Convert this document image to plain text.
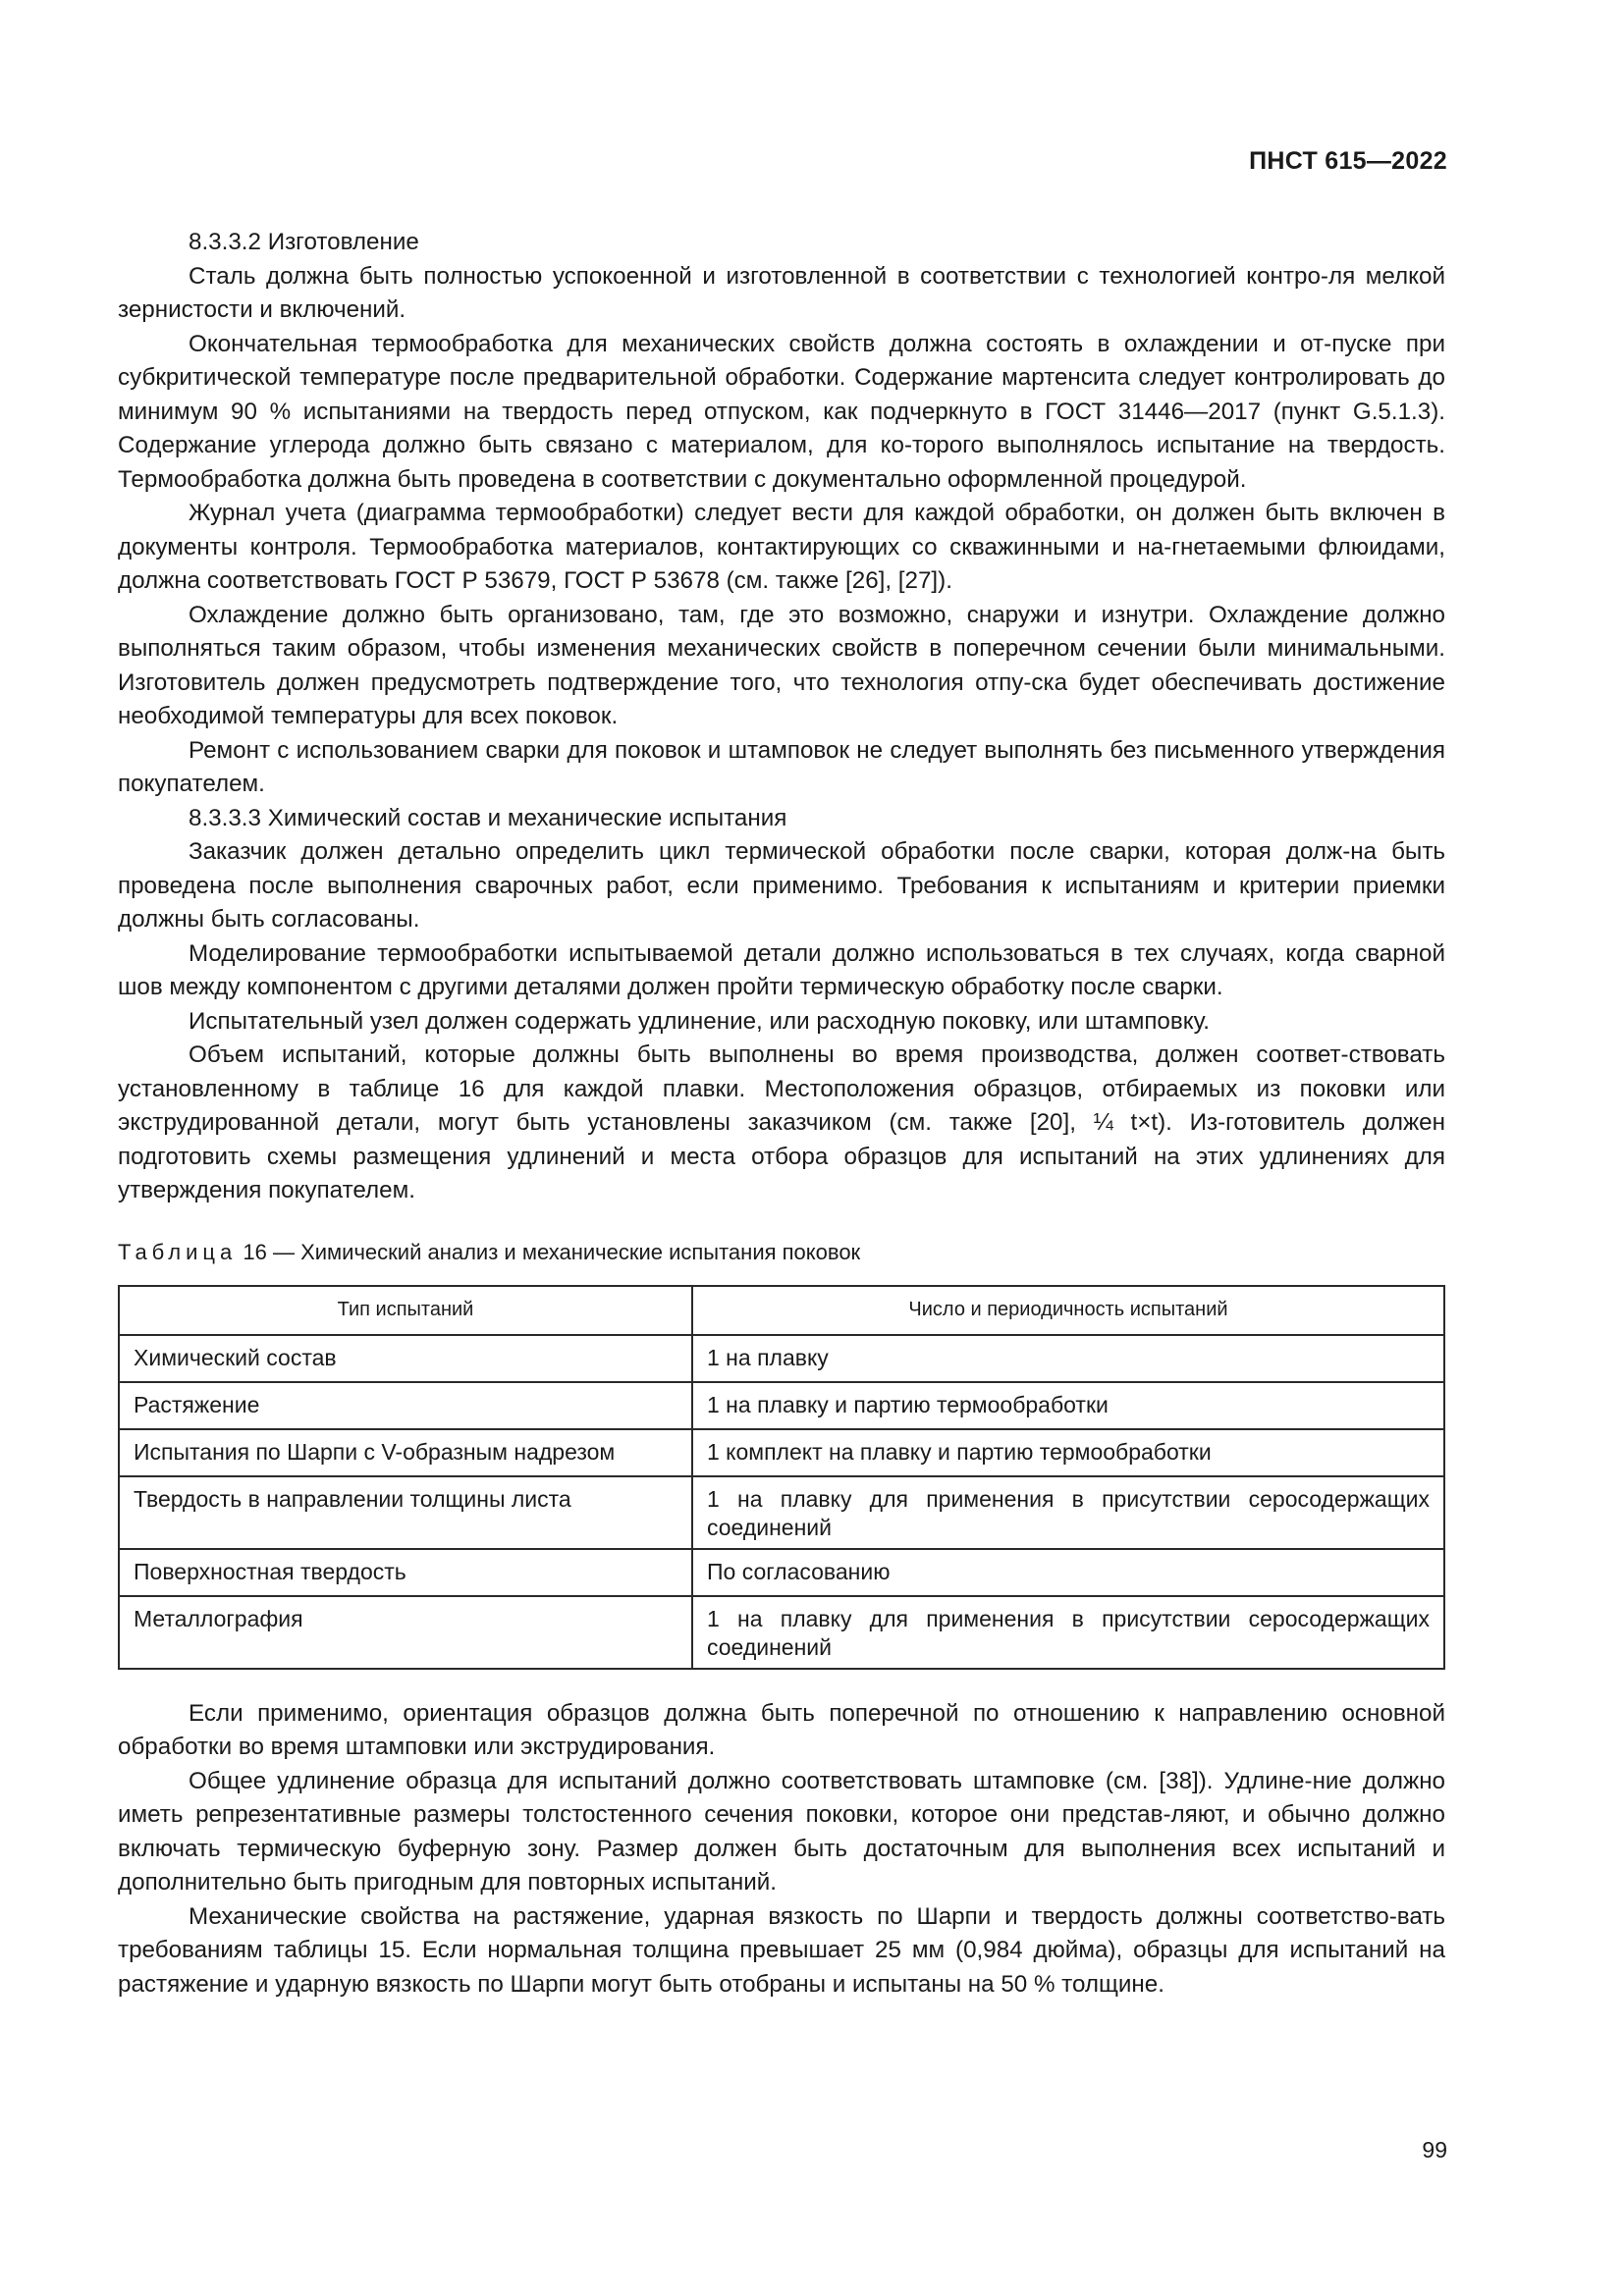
ПНСТ 615—2022

8.3.3.2 Изготовление

Сталь должна быть полностью успокоенной и изготовленной в соответствии с технологией контро-ля мелкой зернистости и включений.

Окончательная термообработка для механических свойств должна состоять в охлаждении и от-пуске при субкритической температуре после предварительной обработки. Содержание мартенсита следует контролировать до минимум 90 % испытаниями на твердость перед отпуском, как подчеркнуто в ГОСТ 31446—2017 (пункт G.5.1.3). Содержание углерода должно быть связано с материалом, для ко-торого выполнялось испытание на твердость. Термообработка должна быть проведена в соответствии с документально оформленной процедурой.

Журнал учета (диаграмма термообработки) следует вести для каждой обработки, он должен быть включен в документы контроля. Термообработка материалов, контактирующих со скважинными и на-гнетаемыми флюидами, должна соответствовать ГОСТ Р 53679, ГОСТ Р 53678 (см. также [26], [27]).

Охлаждение должно быть организовано, там, где это возможно, снаружи и изнутри. Охлаждение должно выполняться таким образом, чтобы изменения механических свойств в поперечном сечении были минимальными. Изготовитель должен предусмотреть подтверждение того, что технология отпу-ска будет обеспечивать достижение необходимой температуры для всех поковок.

Ремонт с использованием сварки для поковок и штамповок не следует выполнять без письменного утверждения покупателем.

8.3.3.3 Химический состав и механические испытания

Заказчик должен детально определить цикл термической обработки после сварки, которая долж-на быть проведена после выполнения сварочных работ, если применимо. Требования к испытаниям и критерии приемки должны быть согласованы.

Моделирование термообработки испытываемой детали должно использоваться в тех случаях, когда сварной шов между компонентом с другими деталями должен пройти термическую обработку после сварки.

Испытательный узел должен содержать удлинение, или расходную поковку, или штамповку.

Объем испытаний, которые должны быть выполнены во время производства, должен соответ-ствовать установленному в таблице 16 для каждой плавки. Местоположения образцов, отбираемых из поковки или экструдированной детали, могут быть установлены заказчиком (см. также [20], ¼ t×t). Из-готовитель должен подготовить схемы размещения удлинений и места отбора образцов для испытаний на этих удлинениях для утверждения покупателем.

Таблица 16 — Химический анализ и механические испытания поковок
Тип испытаний	Число и периодичность испытаний
Химический состав	1 на плавку
Растяжение	1 на плавку и партию термообработки
Испытания по Шарпи с V-образным надрезом	1 комплект на плавку и партию термообработки
Твердость в направлении толщины листа	1 на плавку для применения в присутствии серосодержащих соединений
Поверхностная твердость	По согласованию
Металлография	1 на плавку для применения в присутствии серосодержащих соединений

Если применимо, ориентация образцов должна быть поперечной по отношению к направлению основной обработки во время штамповки или экструдирования.

Общее удлинение образца для испытаний должно соответствовать штамповке (см. [38]). Удлине-ние должно иметь репрезентативные размеры толстостенного сечения поковки, которое они представ-ляют, и обычно должно включать термическую буферную зону. Размер должен быть достаточным для выполнения всех испытаний и дополнительно быть пригодным для повторных испытаний.

Механические свойства на растяжение, ударная вязкость по Шарпи и твердость должны соответство-вать требованиям таблицы 15. Если нормальная толщина превышает 25 мм (0,984 дюйма), образцы для испытаний на растяжение и ударную вязкость по Шарпи могут быть отобраны и испытаны на 50 % толщине.

99
